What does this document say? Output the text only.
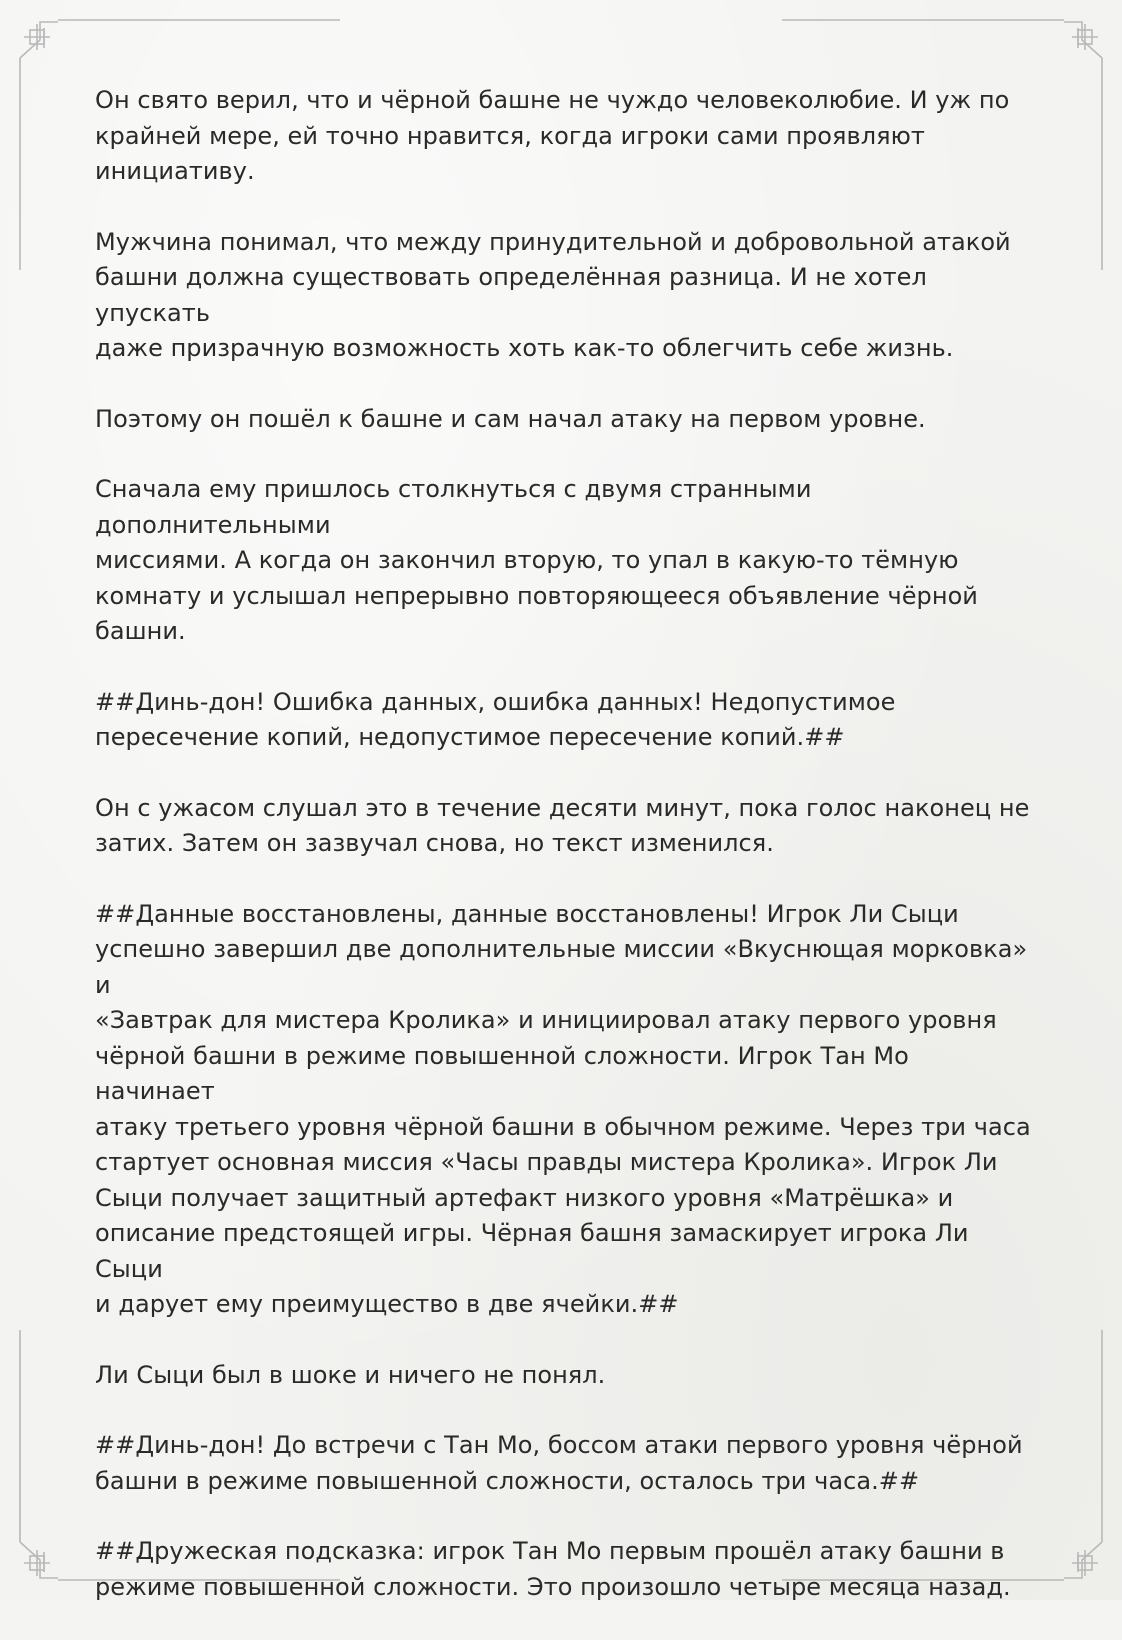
Он свято верил, что и чёрной башне не чуждо человеколюбие. И уж по
крайней мере, ей точно нравится, когда игроки сами проявляют
инициативу.

Мужчина понимал, что между принудительной и добровольной атакой
башни должна существовать определённая разница. И не хотел упускать
даже призрачную возможность хоть как-то облегчить себе жизнь.

Поэтому он пошёл к башне и сам начал атаку на первом уровне.

Сначала ему пришлось столкнуться с двумя странными дополнительными
миссиями. А когда он закончил вторую, то упал в какую-то тёмную
комнату и услышал непрерывно повторяющееся объявление чёрной
башни.

##Динь-дон! Ошибка данных, ошибка данных! Недопустимое
пересечение копий, недопустимое пересечение копий.##

Он с ужасом слушал это в течение десяти минут, пока голос наконец не
затих. Затем он зазвучал снова, но текст изменился.

##Данные восстановлены, данные восстановлены! Игрок Ли Сыци
успешно завершил две дополнительные миссии «Вкуснющая морковка» и
«Завтрак для мистера Кролика» и инициировал атаку первого уровня
чёрной башни в режиме повышенной сложности. Игрок Тан Мо начинает
атаку третьего уровня чёрной башни в обычном режиме. Через три часа
стартует основная миссия «Часы правды мистера Кролика». Игрок Ли
Сыци получает защитный артефакт низкого уровня «Матрёшка» и
описание предстоящей игры. Чёрная башня замаскирует игрока Ли Сыци
и дарует ему преимущество в две ячейки.##

Ли Сыци был в шоке и ничего не понял.

##Динь-дон! До встречи с Тан Мо, боссом атаки первого уровня чёрной
башни в режиме повышенной сложности, осталось три часа.##

##Дружеская подсказка: игрок Тан Мо первым прошёл атаку башни в
режиме повышенной сложности. Это произошло четыре месяца назад.
